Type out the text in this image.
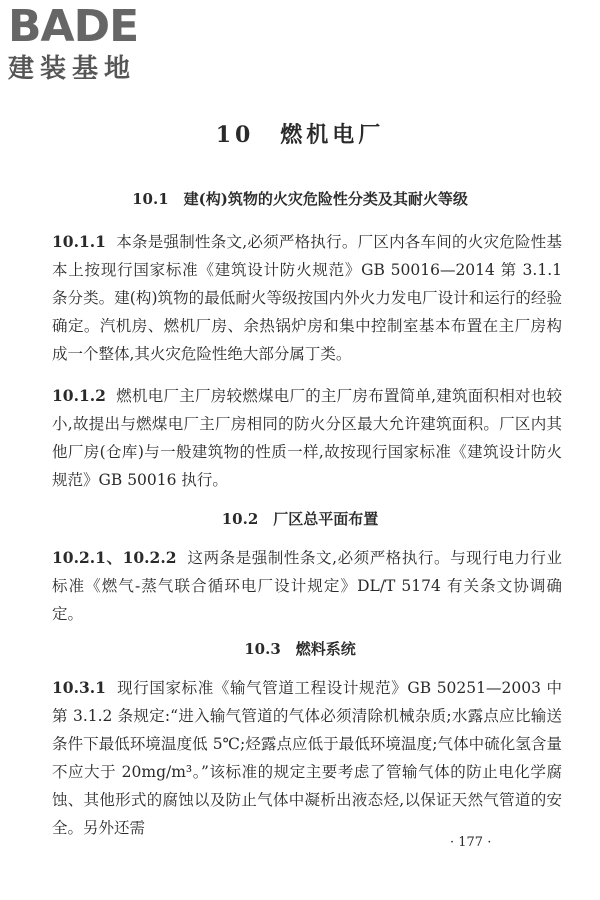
BADE
建装基地
10　燃机电厂
10.1　建(构)筑物的火灾危险性分类及其耐火等级
10.1.1 本条是强制性条文,必须严格执行。厂区内各车间的火灾危险性基本上按现行国家标准《建筑设计防火规范》GB 50016—2014 第 3.1.1 条分类。建(构)筑物的最低耐火等级按国内外火力发电厂设计和运行的经验确定。汽机房、燃机厂房、余热锅炉房和集中控制室基本布置在主厂房构成一个整体,其火灾危险性绝大部分属丁类。
10.1.2 燃机电厂主厂房较燃煤电厂的主厂房布置简单,建筑面积相对也较小,故提出与燃煤电厂主厂房相同的防火分区最大允许建筑面积。厂区内其他厂房(仓库)与一般建筑物的性质一样,故按现行国家标准《建筑设计防火规范》GB 50016 执行。
10.2　厂区总平面布置
10.2.1、10.2.2 这两条是强制性条文,必须严格执行。与现行电力行业标准《燃气-蒸气联合循环电厂设计规定》DL/T 5174 有关条文协调确定。
10.3　燃料系统
10.3.1 现行国家标准《输气管道工程设计规范》GB 50251—2003 中第 3.1.2 条规定:“进入输气管道的气体必须清除机械杂质;水露点应比输送条件下最低环境温度低 5℃;烃露点应低于最低环境温度;气体中硫化氢含量不应大于 20mg/m³。”该标准的规定主要考虑了管输气体的防止电化学腐蚀、其他形式的腐蚀以及防止气体中凝析出液态烃,以保证天然气管道的安全。另外还需
· 177 ·
